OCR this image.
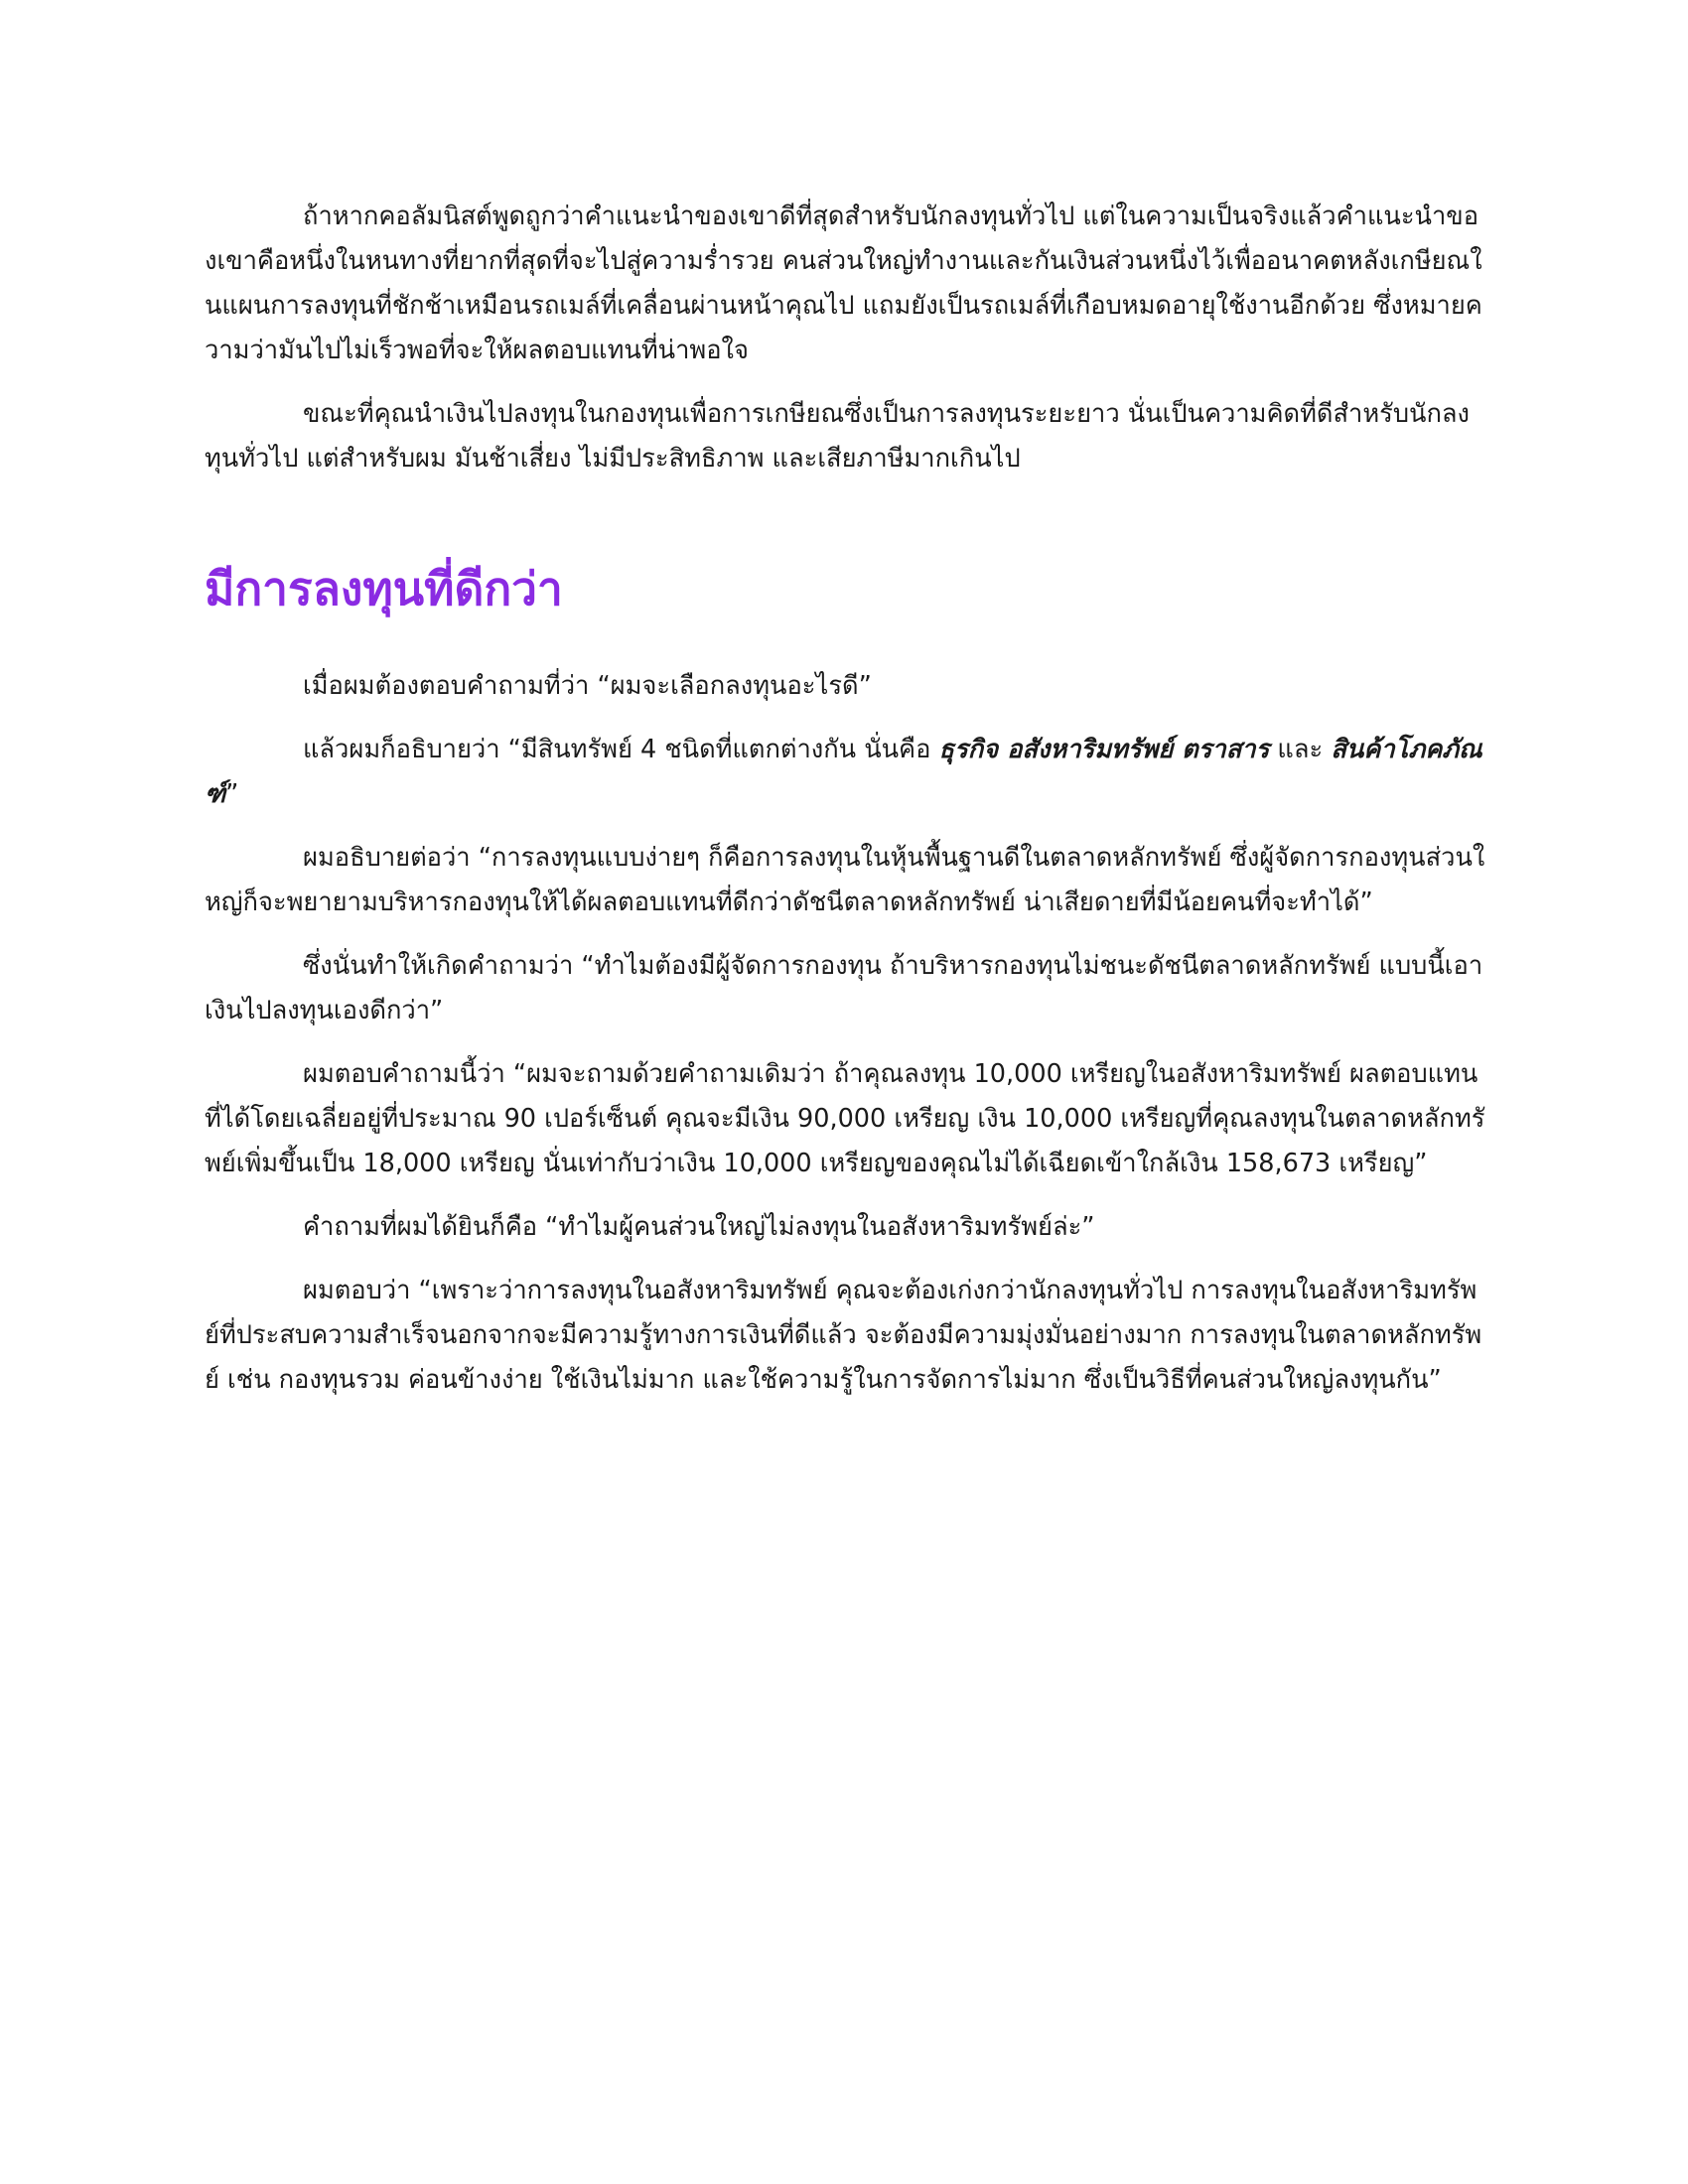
ถ้าหากคอลัมนิสต์พูดถูกว่าคำแนะนำของเขาดีที่สุดสำหรับนักลงทุนทั่วไป แต่ในความเป็นจริงแล้วคำแนะนำของเขาคือหนึ่งในหนทางที่ยากที่สุดที่จะไปสู่ความร่ำรวย คนส่วนใหญ่ทำงานและกันเงินส่วนหนึ่งไว้เพื่ออนาคตหลังเกษียณในแผนการลงทุนที่ชักช้าเหมือนรถเมล์ที่เคลื่อนผ่านหน้าคุณไป แถมยังเป็นรถเมล์ที่เกือบหมดอายุใช้งานอีกด้วย ซึ่งหมายความว่ามันไปไม่เร็วพอที่จะให้ผลตอบแทนที่น่าพอใจ

ขณะที่คุณนำเงินไปลงทุนในกองทุนเพื่อการเกษียณซึ่งเป็นการลงทุนระยะยาว นั่นเป็นความคิดที่ดีสำหรับนักลงทุนทั่วไป แต่สำหรับผม มันช้าเสี่ยง ไม่มีประสิทธิภาพ และเสียภาษีมากเกินไป

มีการลงทุนที่ดีกว่า

เมื่อผมต้องตอบคำถามที่ว่า “ผมจะเลือกลงทุนอะไรดี”

แล้วผมก็อธิบายว่า “มีสินทรัพย์ 4 ชนิดที่แตกต่างกัน นั่นคือ ธุรกิจ อสังหาริมทรัพย์ ตราสาร และ สินค้าโภคภัณฑ์”

ผมอธิบายต่อว่า “การลงทุนแบบง่ายๆ ก็คือการลงทุนในหุ้นพื้นฐานดีในตลาดหลักทรัพย์ ซึ่งผู้จัดการกองทุนส่วนใหญ่ก็จะพยายามบริหารกองทุนให้ได้ผลตอบแทนที่ดีกว่าดัชนีตลาดหลักทรัพย์ น่าเสียดายที่มีน้อยคนที่จะทำได้”

ซึ่งนั่นทำให้เกิดคำถามว่า “ทำไมต้องมีผู้จัดการกองทุน ถ้าบริหารกองทุนไม่ชนะดัชนีตลาดหลักทรัพย์ แบบนี้เอาเงินไปลงทุนเองดีกว่า”

ผมตอบคำถามนี้ว่า “ผมจะถามด้วยคำถามเดิมว่า ถ้าคุณลงทุน 10,000 เหรียญในอสังหาริมทรัพย์ ผลตอบแทนที่ได้โดยเฉลี่ยอยู่ที่ประมาณ 90 เปอร์เซ็นต์ คุณจะมีเงิน 90,000 เหรียญ เงิน 10,000 เหรียญที่คุณลงทุนในตลาดหลักทรัพย์เพิ่มขึ้นเป็น 18,000 เหรียญ นั่นเท่ากับว่าเงิน 10,000 เหรียญของคุณไม่ได้เฉียดเข้าใกล้เงิน 158,673 เหรียญ”

คำถามที่ผมได้ยินก็คือ “ทำไมผู้คนส่วนใหญ่ไม่ลงทุนในอสังหาริมทรัพย์ล่ะ”

ผมตอบว่า “เพราะว่าการลงทุนในอสังหาริมทรัพย์ คุณจะต้องเก่งกว่านักลงทุนทั่วไป การลงทุนในอสังหาริมทรัพย์ที่ประสบความสำเร็จนอกจากจะมีความรู้ทางการเงินที่ดีแล้ว จะต้องมีความมุ่งมั่นอย่างมาก การลงทุนในตลาดหลักทรัพย์ เช่น กองทุนรวม ค่อนข้างง่าย ใช้เงินไม่มาก และใช้ความรู้ในการจัดการไม่มาก ซึ่งเป็นวิธีที่คนส่วนใหญ่ลงทุนกัน”
